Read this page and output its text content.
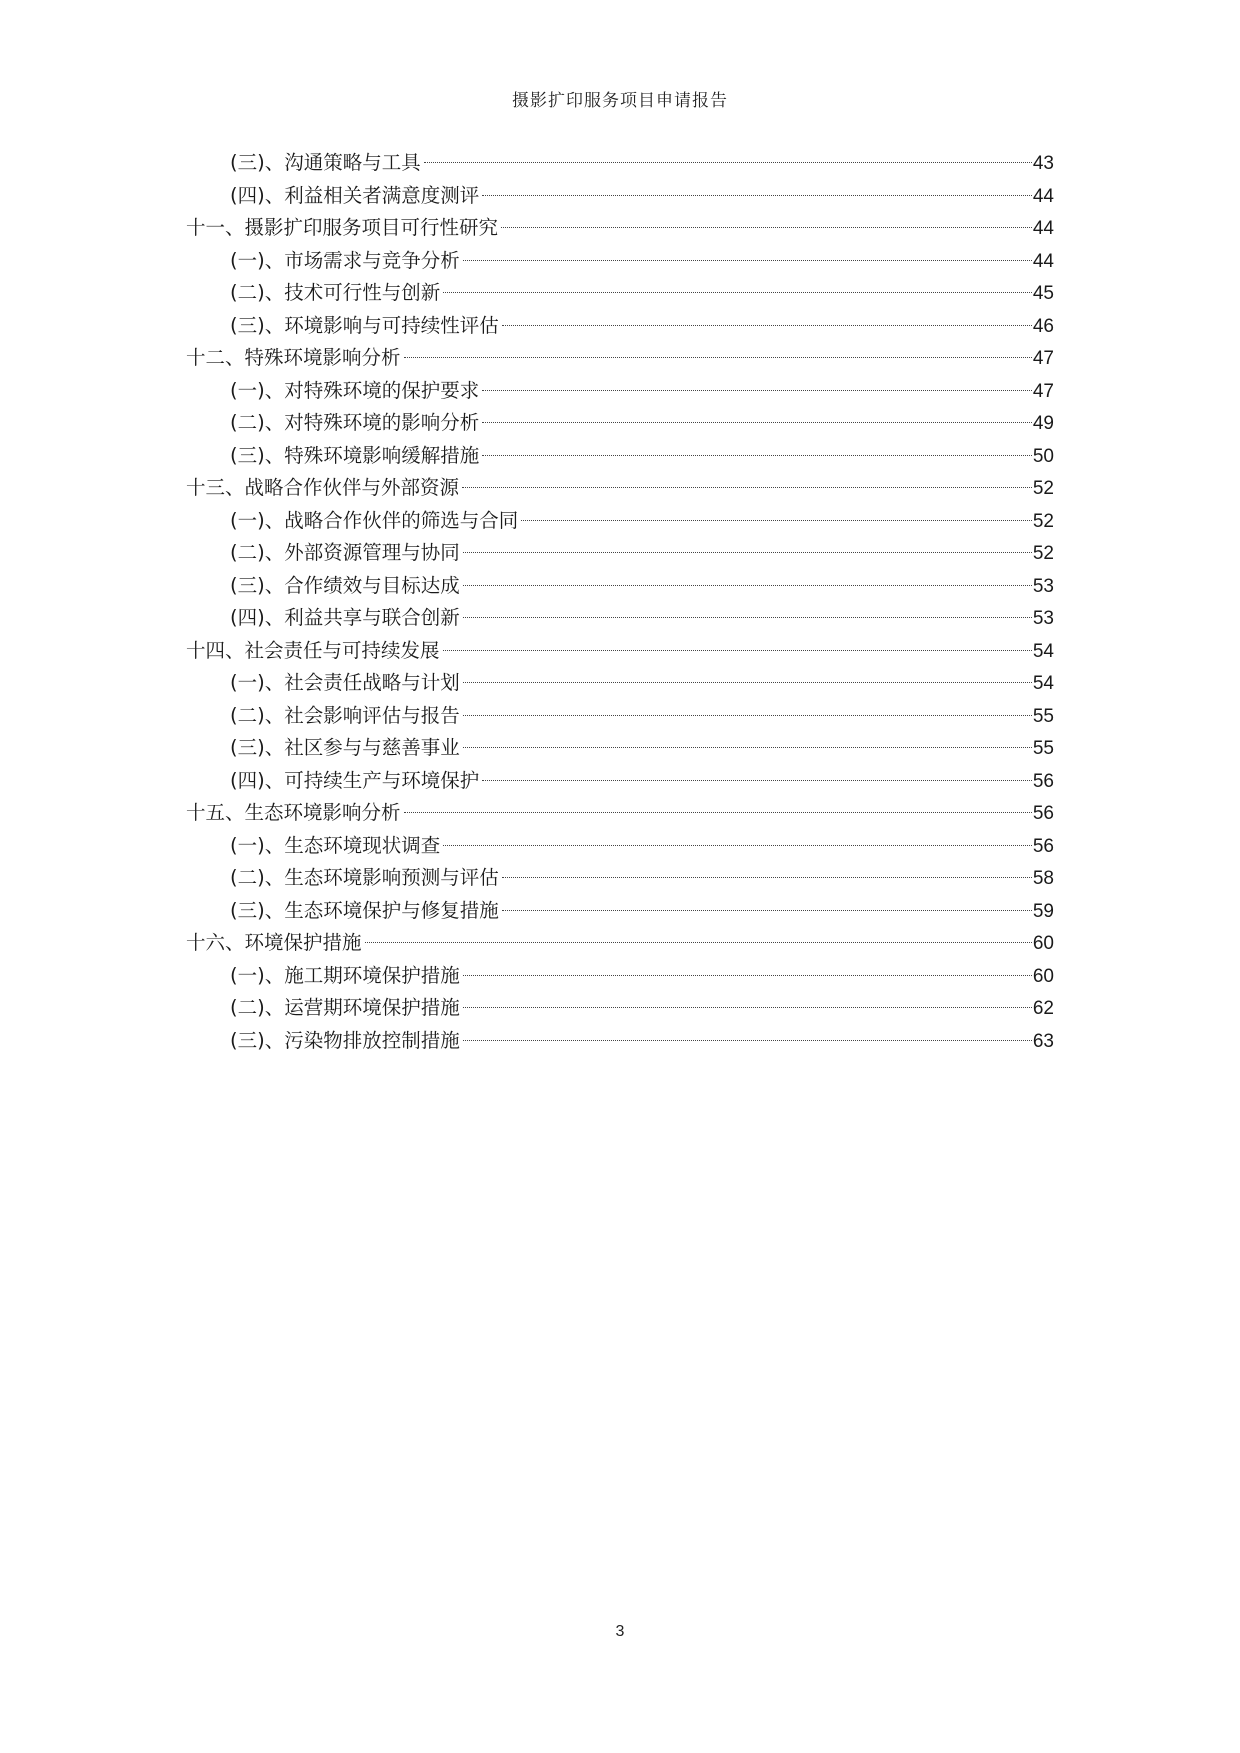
摄影扩印服务项目申请报告
(三)、沟通策略与工具	43
(四)、利益相关者满意度测评	44
十一、摄影扩印服务项目可行性研究	44
(一)、市场需求与竞争分析	44
(二)、技术可行性与创新	45
(三)、环境影响与可持续性评估	46
十二、特殊环境影响分析	47
(一)、对特殊环境的保护要求	47
(二)、对特殊环境的影响分析	49
(三)、特殊环境影响缓解措施	50
十三、战略合作伙伴与外部资源	52
(一)、战略合作伙伴的筛选与合同	52
(二)、外部资源管理与协同	52
(三)、合作绩效与目标达成	53
(四)、利益共享与联合创新	53
十四、社会责任与可持续发展	54
(一)、社会责任战略与计划	54
(二)、社会影响评估与报告	55
(三)、社区参与与慈善事业	55
(四)、可持续生产与环境保护	56
十五、生态环境影响分析	56
(一)、生态环境现状调查	56
(二)、生态环境影响预测与评估	58
(三)、生态环境保护与修复措施	59
十六、环境保护措施	60
(一)、施工期环境保护措施	60
(二)、运营期环境保护措施	62
(三)、污染物排放控制措施	63
3
